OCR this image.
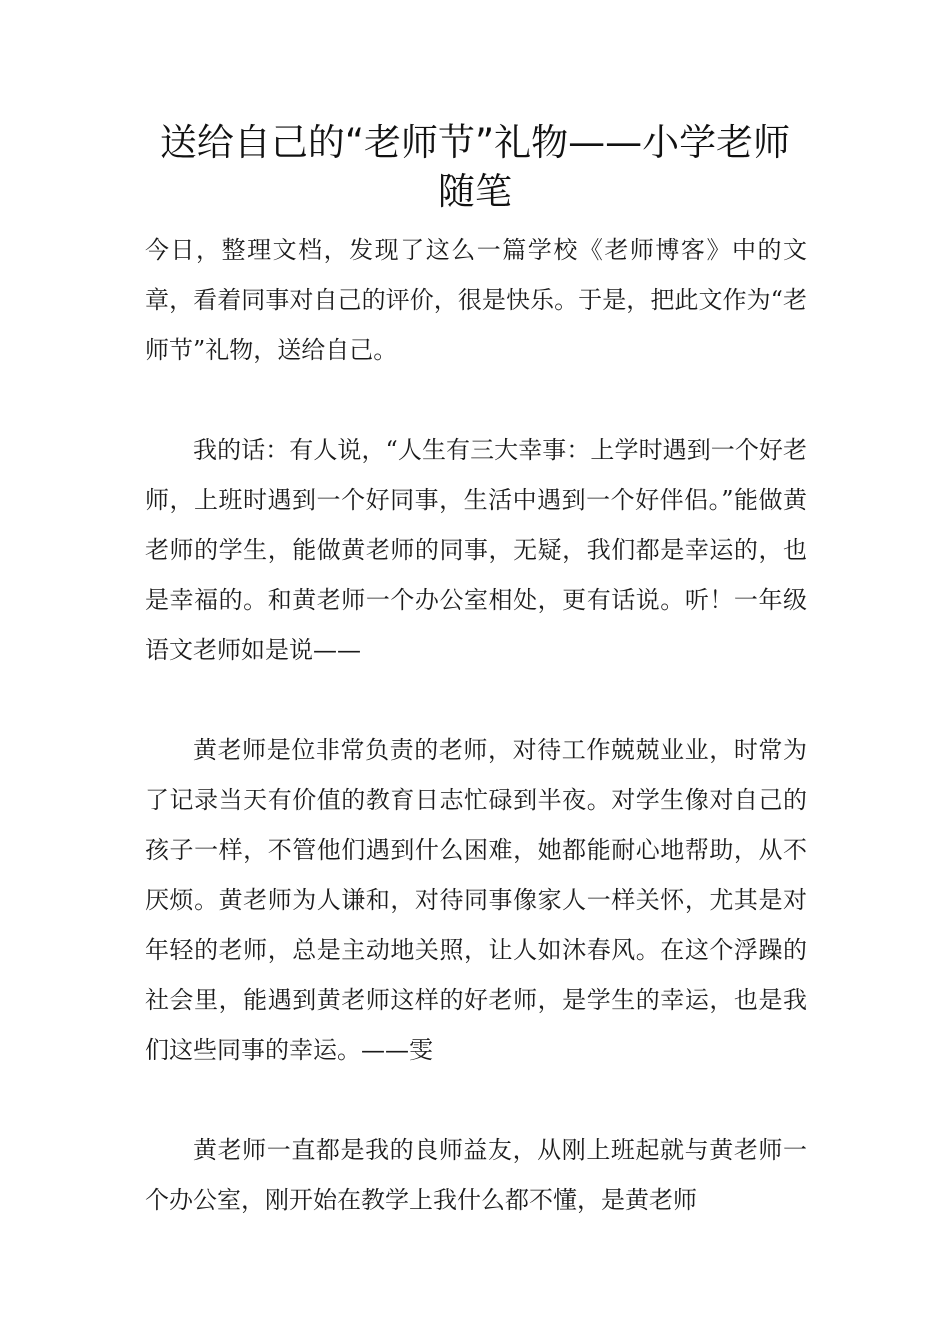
送给自己的“老师节”礼物——小学老师随笔

今日，整理文档，发现了这么一篇学校《老师博客》中的文章，看着同事对自己的评价，很是快乐。于是，把此文作为“老师节”礼物，送给自己。

我的话：有人说，“人生有三大幸事：上学时遇到一个好老师，上班时遇到一个好同事，生活中遇到一个好伴侣。”能做黄老师的学生，能做黄老师的同事，无疑，我们都是幸运的，也是幸福的。和黄老师一个办公室相处，更有话说。听！一年级语文老师如是说——

黄老师是位非常负责的老师，对待工作兢兢业业，时常为了记录当天有价值的教育日志忙碌到半夜。对学生像对自己的孩子一样，不管他们遇到什么困难，她都能耐心地帮助，从不厌烦。黄老师为人谦和，对待同事像家人一样关怀，尤其是对年轻的老师，总是主动地关照，让人如沐春风。在这个浮躁的社会里，能遇到黄老师这样的好老师，是学生的幸运，也是我们这些同事的幸运。——雯

黄老师一直都是我的良师益友，从刚上班起就与黄老师一个办公室，刚开始在教学上我什么都不懂，是黄老师
